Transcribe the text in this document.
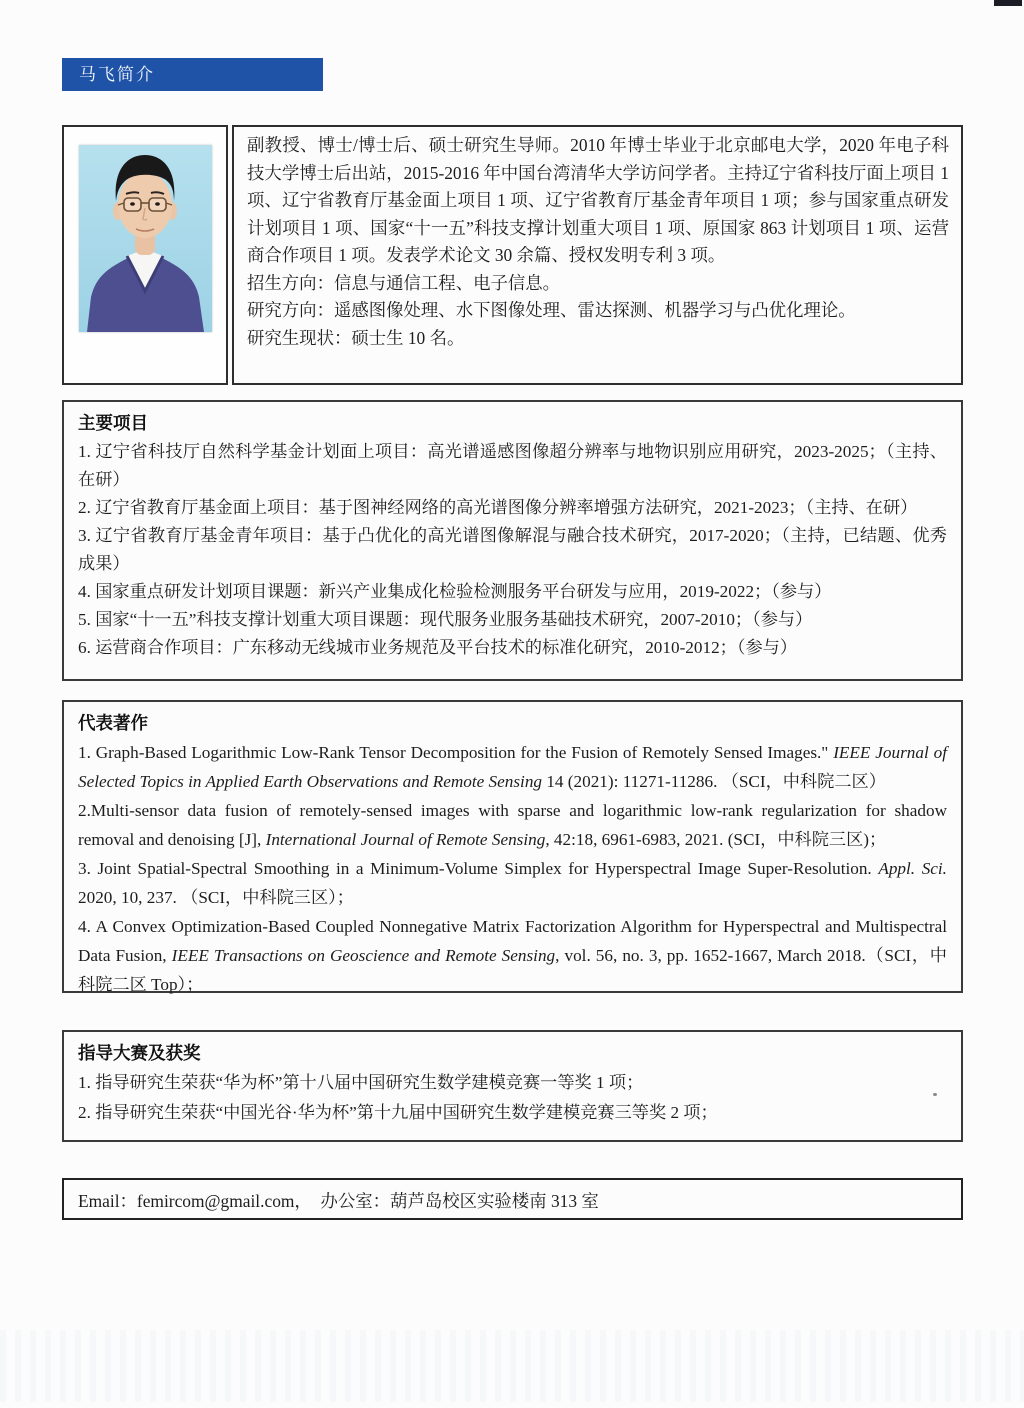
马飞简介
副教授、博士/博士后、硕士研究生导师。2010 年博士毕业于北京邮电大学，2020 年电子科技大学博士后出站，2015-2016 年中国台湾清华大学访问学者。主持辽宁省科技厅面上项目 1 项、辽宁省教育厅基金面上项目 1 项、辽宁省教育厅基金青年项目 1 项；参与国家重点研发计划项目 1 项、国家“十一五”科技支撑计划重大项目 1 项、原国家 863 计划项目 1 项、运营商合作项目 1 项。发表学术论文 30 余篇、授权发明专利 3 项。
招生方向：信息与通信工程、电子信息。
研究方向：遥感图像处理、水下图像处理、雷达探测、机器学习与凸优化理论。
研究生现状：硕士生 10 名。
主要项目
1. 辽宁省科技厅自然科学基金计划面上项目：高光谱遥感图像超分辨率与地物识别应用研究，2023-2025；（主持、在研）
2. 辽宁省教育厅基金面上项目：基于图神经网络的高光谱图像分辨率增强方法研究，2021-2023；（主持、在研）
3. 辽宁省教育厅基金青年项目：基于凸优化的高光谱图像解混与融合技术研究，2017-2020；（主持，已结题、优秀成果）
4. 国家重点研发计划项目课题：新兴产业集成化检验检测服务平台研发与应用，2019-2022；（参与）
5. 国家“十一五”科技支撑计划重大项目课题：现代服务业服务基础技术研究，2007-2010；（参与）
6. 运营商合作项目：广东移动无线城市业务规范及平台技术的标准化研究，2010-2012；（参与）
代表著作
1. Graph-Based Logarithmic Low-Rank Tensor Decomposition for the Fusion of Remotely Sensed Images." IEEE Journal of Selected Topics in Applied Earth Observations and Remote Sensing 14 (2021): 11271-11286. （SCI，中科院二区）
2.Multi-sensor data fusion of remotely-sensed images with sparse and logarithmic low-rank regularization for shadow removal and denoising [J], International Journal of Remote Sensing, 42:18, 6961-6983, 2021. (SCI，中科院三区)；
3. Joint Spatial-Spectral Smoothing in a Minimum-Volume Simplex for Hyperspectral Image Super-Resolution. Appl. Sci. 2020, 10, 237. （SCI，中科院三区）；
4. A Convex Optimization-Based Coupled Nonnegative Matrix Factorization Algorithm for Hyperspectral and Multispectral Data Fusion, IEEE Transactions on Geoscience and Remote Sensing, vol. 56, no. 3, pp. 1652-1667, March 2018.（SCI，中科院二区 Top）；
指导大赛及获奖
1. 指导研究生荣获“华为杯”第十八届中国研究生数学建模竞赛一等奖 1 项；
2. 指导研究生荣获“中国光谷·华为杯”第十九届中国研究生数学建模竞赛三等奖 2 项；
Email：femircom@gmail.com，　办公室：葫芦岛校区实验楼南 313 室
